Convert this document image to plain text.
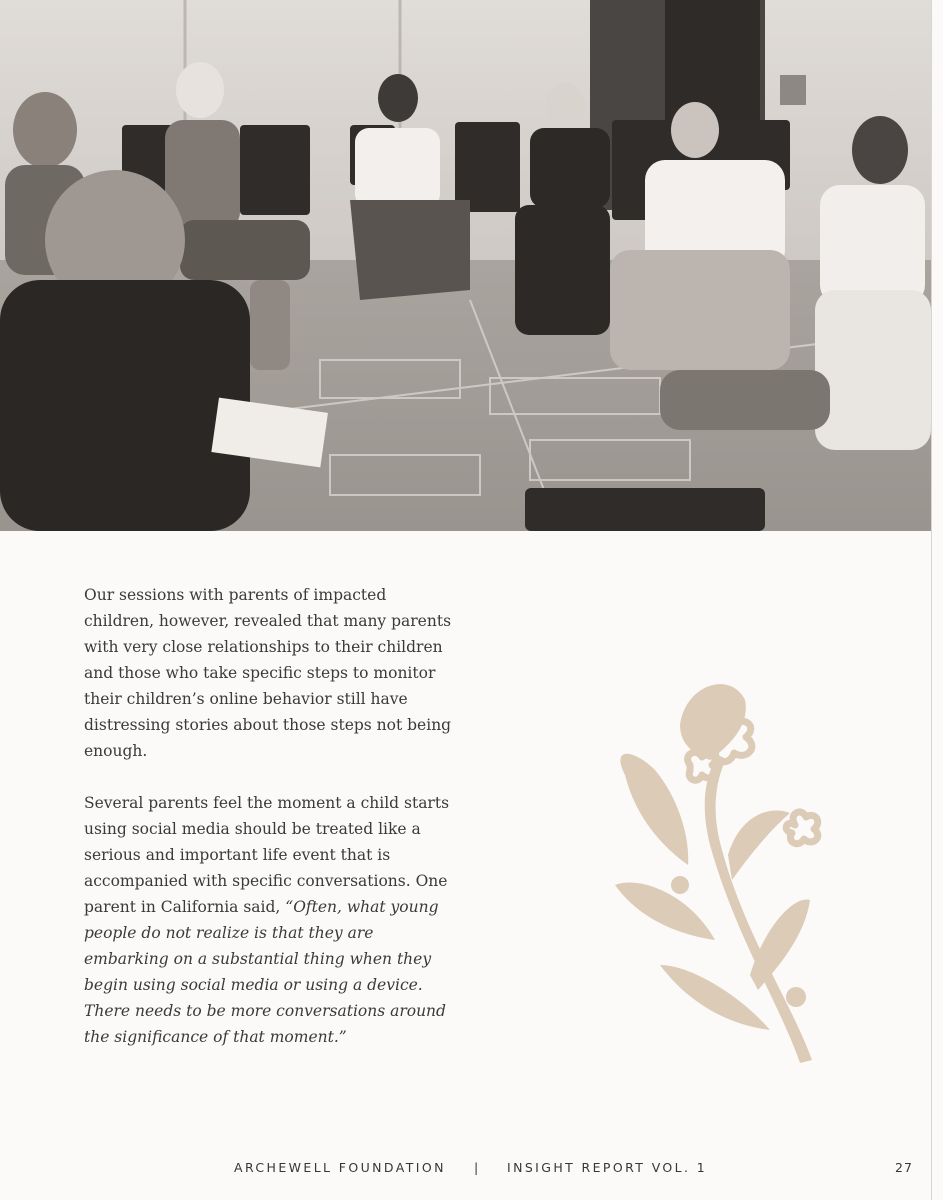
Our sessions with parents of impacted children, however, revealed that many parents with very close relationships to their children and those who take specific steps to monitor their children’s online behavior still have distressing stories about those steps not being enough.

Several parents feel the moment a child starts using social media should be treated like a serious and important life event that is accompanied with specific conversations. One parent in California said, “Often, what young people do not realize is that they are embarking on a substantial thing when they begin using social media or using a device. There needs to be more conversations around the significance of that moment.”

ARCHEWELL FOUNDATION | INSIGHT REPORT VOL. 1	27
